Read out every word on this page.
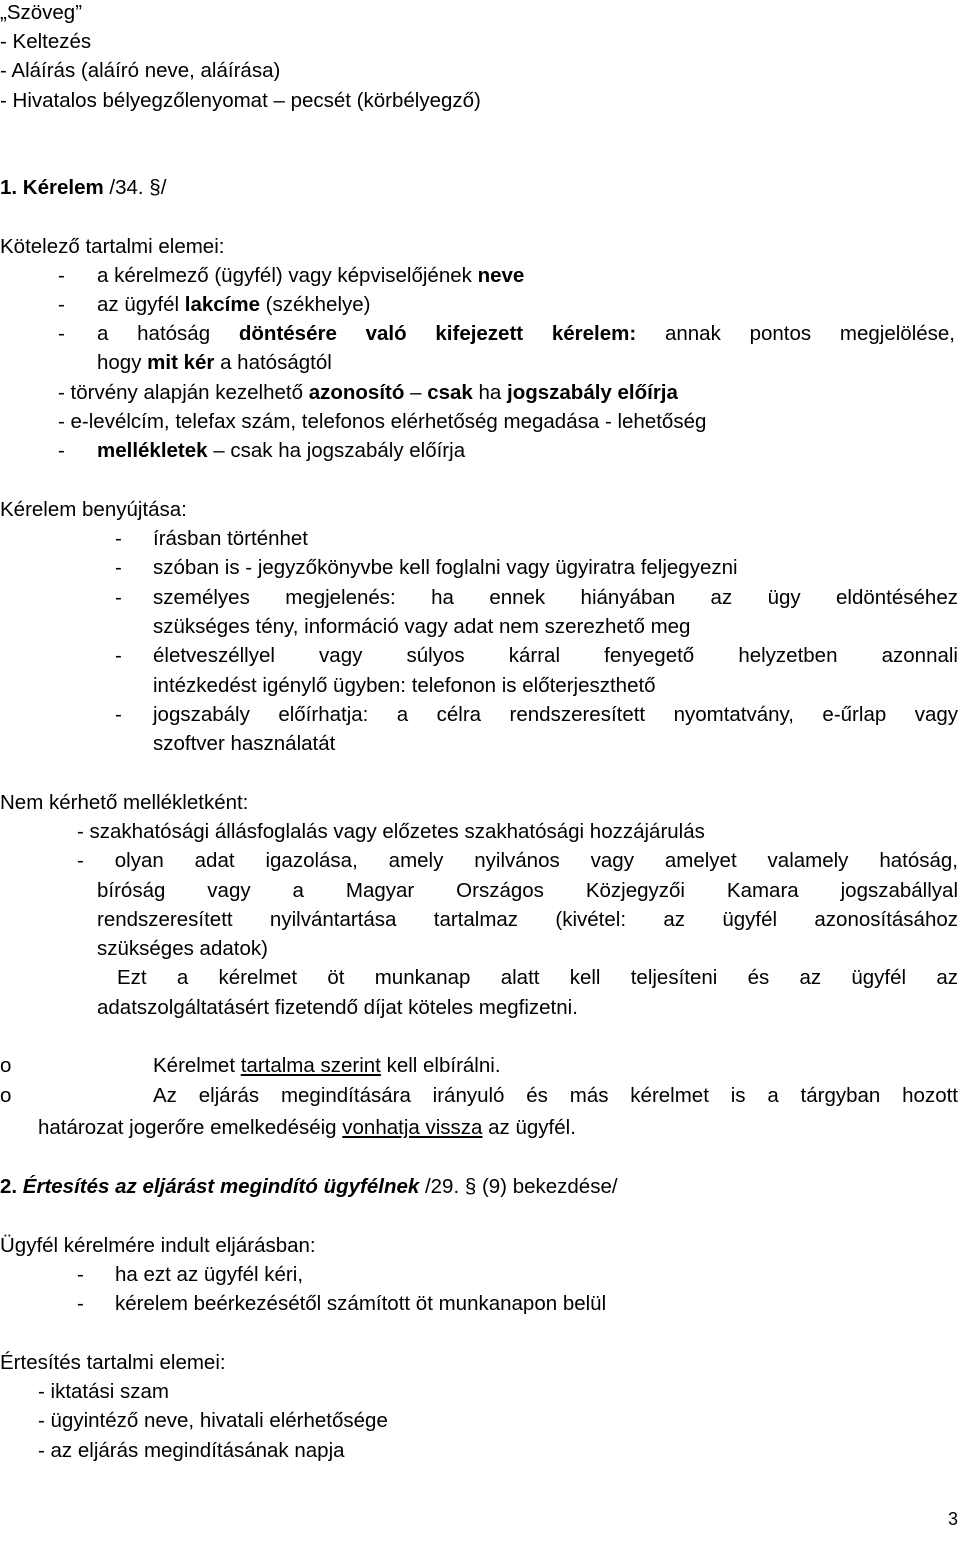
„Szöveg”
- Keltezés
- Aláírás (aláíró neve, aláírása)
- Hivatalos bélyegzőlenyomat – pecsét (körbélyegző)
1. Kérelem /34. §/
Kötelező tartalmi elemei:
- a kérelmező (ügyfél) vagy képviselőjének neve
- az ügyfél lakcíme (székhelye)
- a hatóság döntésére való kifejezett kérelem: annak pontos megjelölése,
hogy mit kér a hatóságtól
- törvény alapján kezelhető azonosító – csak ha jogszabály előírja
- e-levélcím, telefax szám, telefonos elérhetőség megadása - lehetőség
- mellékletek – csak ha jogszabály előírja
Kérelem benyújtása:
- írásban történhet
- szóban is - jegyzőkönyvbe kell foglalni vagy ügyiratra feljegyezni
- személyes megjelenés: ha ennek hiányában az ügy eldöntéséhez
szükséges tény, információ vagy adat nem szerezhető meg
- életveszéllyel vagy súlyos kárral fenyegető helyzetben azonnali
intézkedést igénylő ügyben: telefonon is előterjeszthető
- jogszabály előírhatja: a célra rendszeresített nyomtatvány, e-űrlap vagy
szoftver használatát
Nem kérhető mellékletként:
- szakhatósági állásfoglalás vagy előzetes szakhatósági hozzájárulás
- olyan adat igazolása, amely nyilvános vagy amelyet valamely hatóság,
bíróság vagy a Magyar Országos Közjegyzői Kamara jogszabállyal
rendszeresített nyilvántartása tartalmaz (kivétel: az ügyfél azonosításához
szükséges adatok)
Ezt a kérelmet öt munkanap alatt kell teljesíteni és az ügyfél az
adatszolgáltatásért fizetendő díjat köteles megfizetni.
o	Kérelmet tartalma szerint kell elbírálni.
o	Az eljárás megindítására irányuló és más kérelmet is a tárgyban hozott
határozat jogerőre emelkedéséig vonhatja vissza az ügyfél.
2. Értesítés az eljárást megindító ügyfélnek /29. § (9) bekezdése/
Ügyfél kérelmére indult eljárásban:
- ha ezt az ügyfél kéri,
- kérelem beérkezésétől számított öt munkanapon belül
Értesítés tartalmi elemei:
- iktatási szam
- ügyintéző neve, hivatali elérhetősége
- az eljárás megindításának napja
3
